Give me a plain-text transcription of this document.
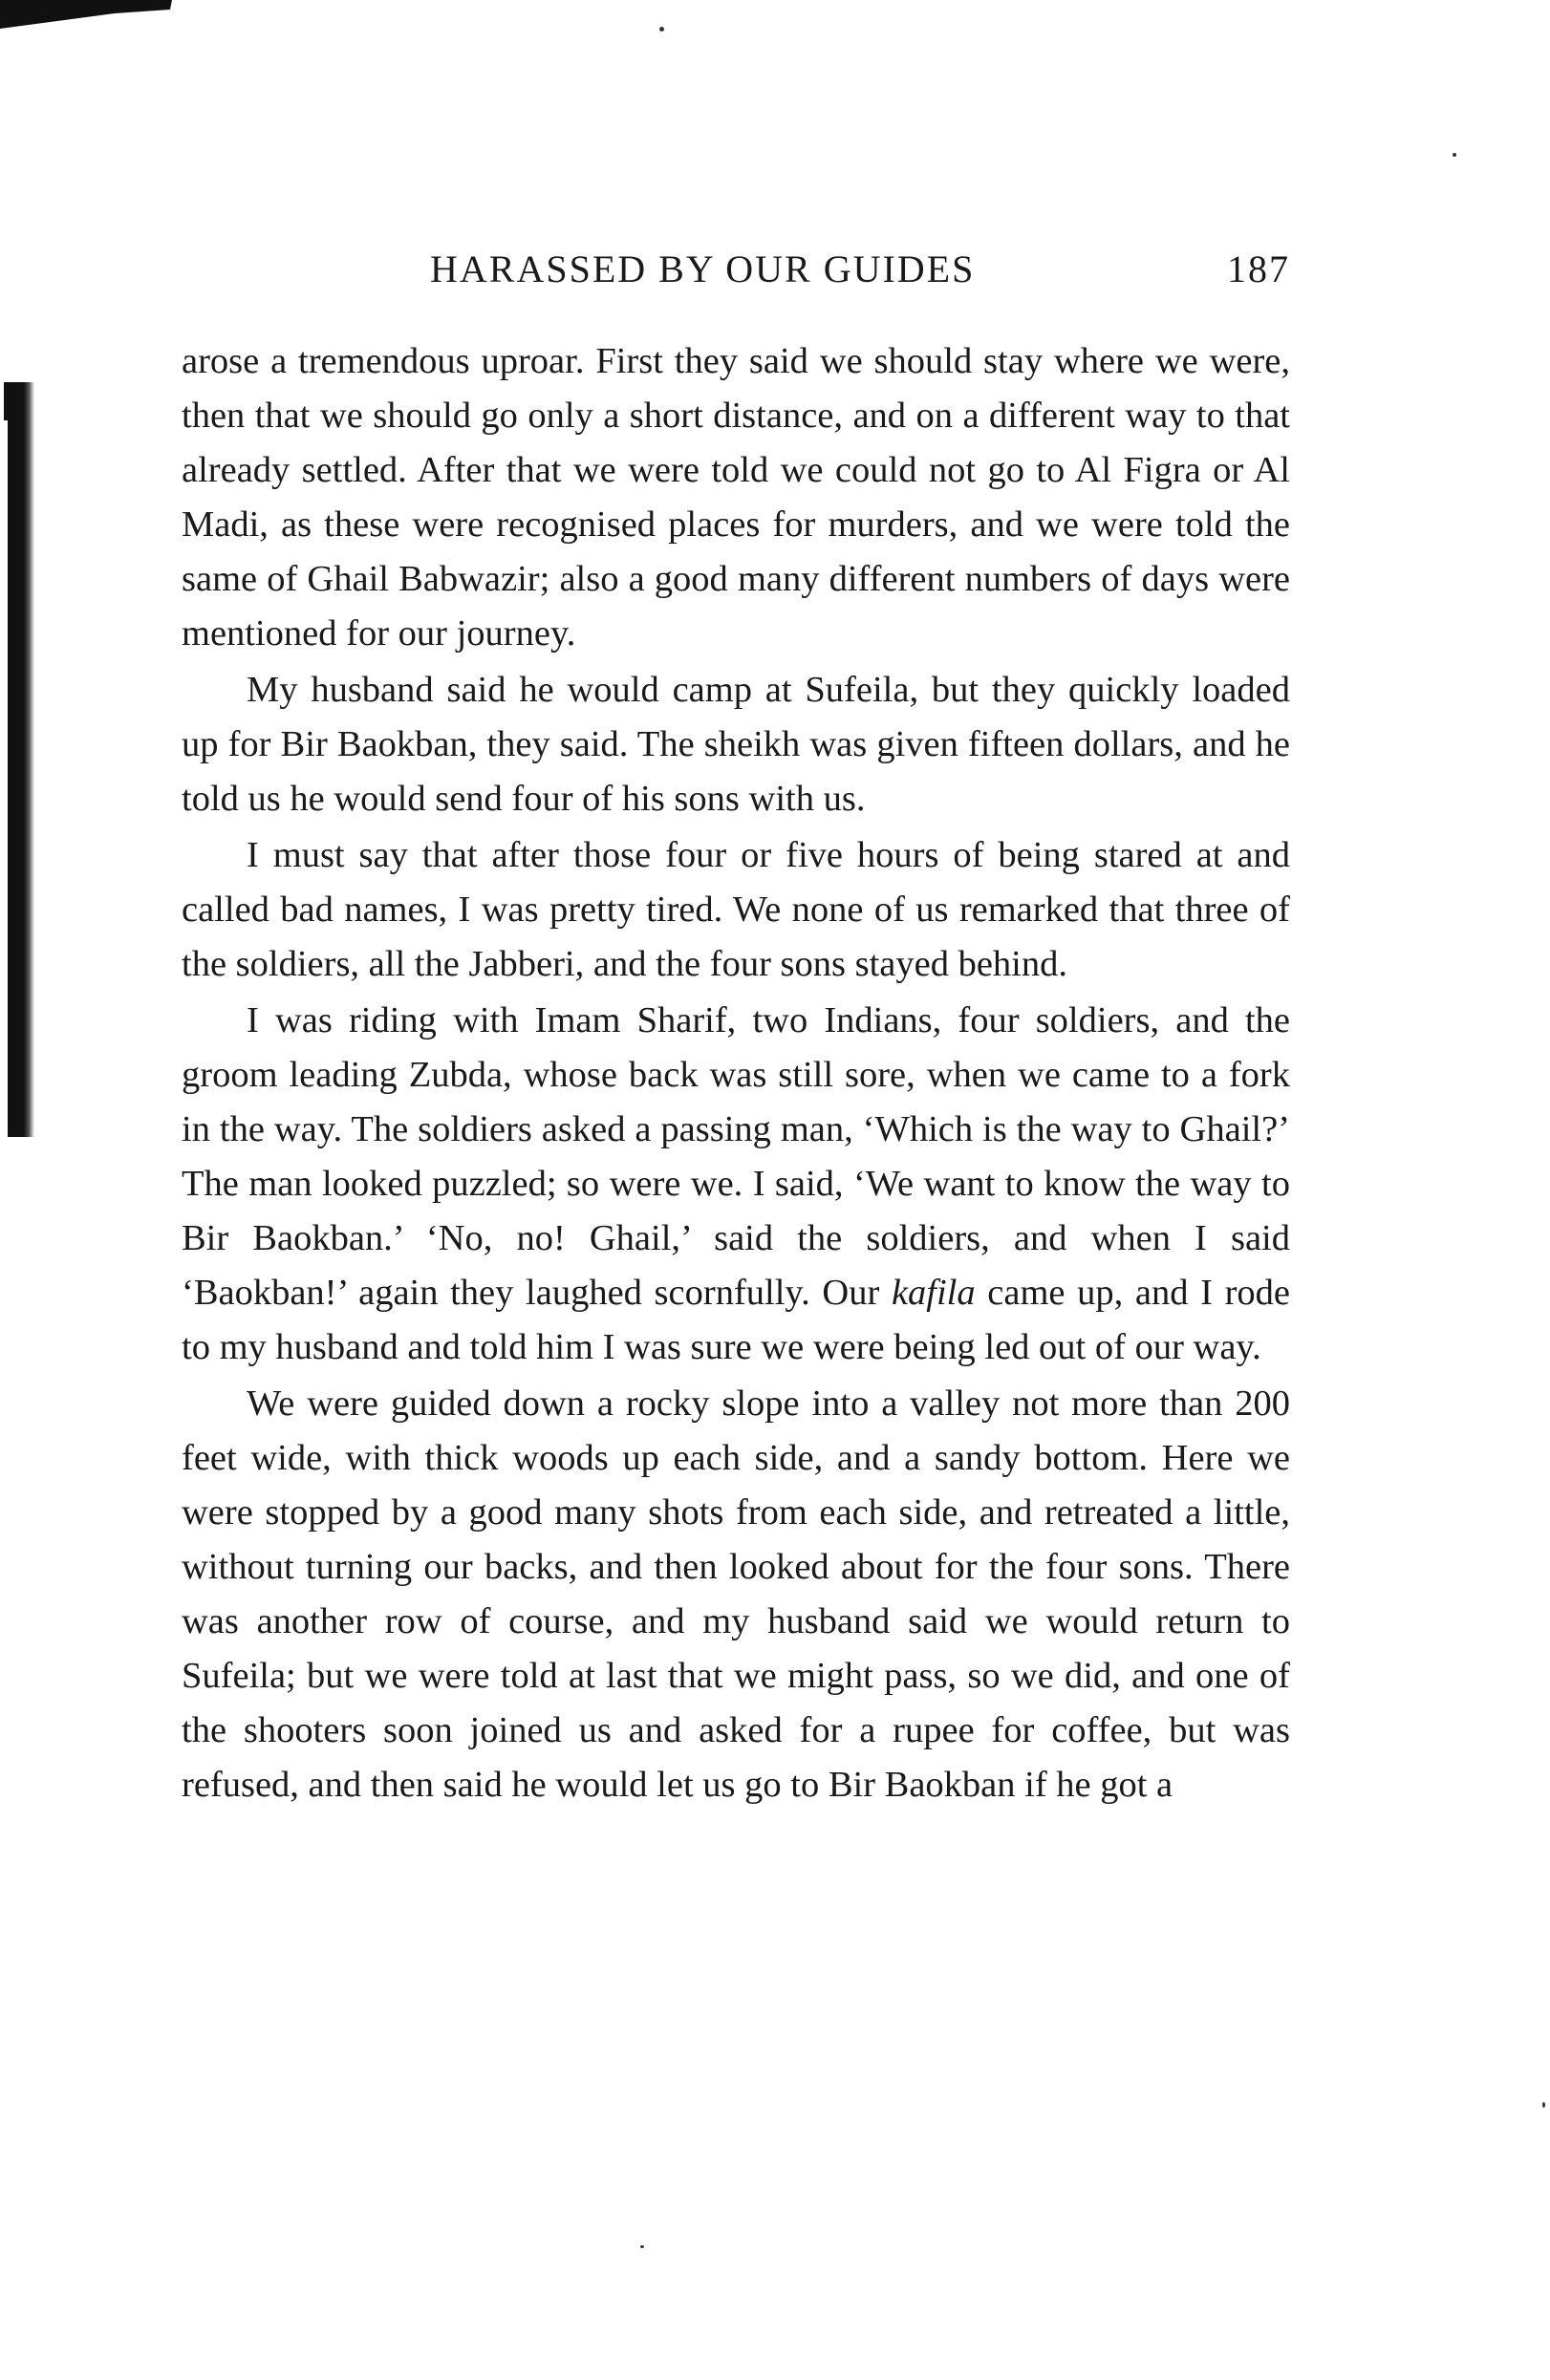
HARASSED BY OUR GUIDES	187

arose a tremendous uproar. First they said we should stay where we were, then that we should go only a short distance, and on a different way to that already settled. After that we were told we could not go to Al Figra or Al Madi, as these were recognised places for murders, and we were told the same of Ghail Babwazir; also a good many different numbers of days were mentioned for our journey.

My husband said he would camp at Sufeila, but they quickly loaded up for Bir Baokban, they said. The sheikh was given fifteen dollars, and he told us he would send four of his sons with us.

I must say that after those four or five hours of being stared at and called bad names, I was pretty tired. We none of us remarked that three of the soldiers, all the Jabberi, and the four sons stayed behind.

I was riding with Imam Sharif, two Indians, four soldiers, and the groom leading Zubda, whose back was still sore, when we came to a fork in the way. The soldiers asked a passing man, ‘Which is the way to Ghail?’ The man looked puzzled; so were we. I said, ‘We want to know the way to Bir Baokban.’ ‘No, no! Ghail,’ said the soldiers, and when I said ‘Baokban!’ again they laughed scornfully. Our kafila came up, and I rode to my husband and told him I was sure we were being led out of our way.

We were guided down a rocky slope into a valley not more than 200 feet wide, with thick woods up each side, and a sandy bottom. Here we were stopped by a good many shots from each side, and retreated a little, without turning our backs, and then looked about for the four sons. There was another row of course, and my husband said we would return to Sufeila; but we were told at last that we might pass, so we did, and one of the shooters soon joined us and asked for a rupee for coffee, but was refused, and then said he would let us go to Bir Baokban if he got a
